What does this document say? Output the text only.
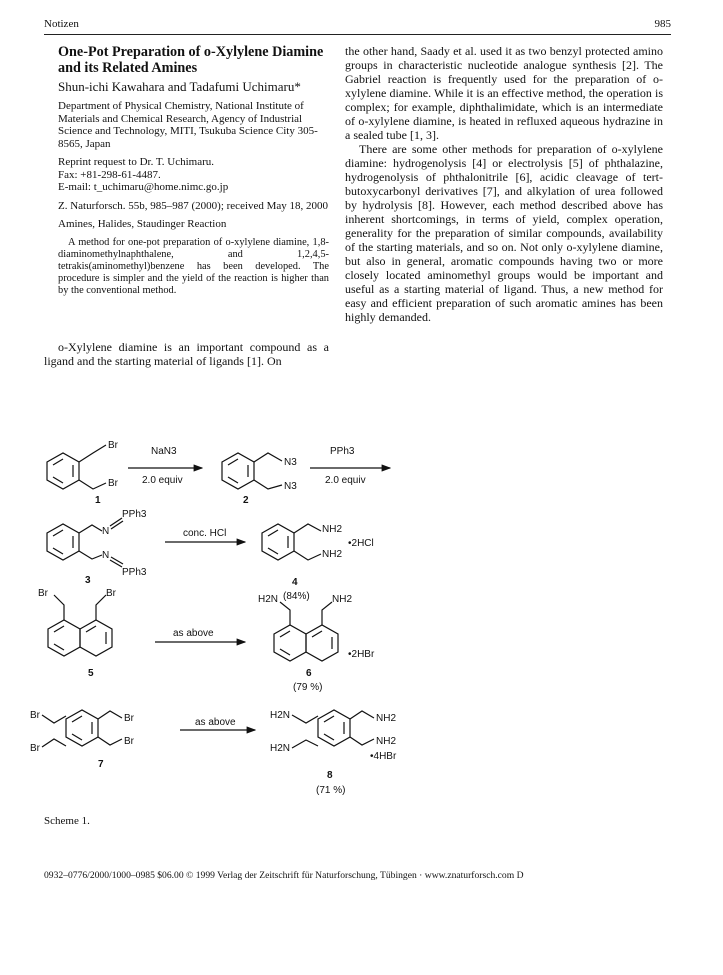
Notizen	985

One-Pot Preparation of o-Xylylene Diamine and its Related Amines

Shun-ichi Kawahara and Tadafumi Uchimaru*

Department of Physical Chemistry, National Institute of Materials and Chemical Research, Agency of Industrial Science and Technology, MITI, Tsukuba Science City 305-8565, Japan

Reprint request to Dr. T. Uchimaru.
Fax: +81-298-61-4487.
E-mail: t_uchimaru@home.nimc.go.jp

Z. Naturforsch. 55b, 985–987 (2000); received May 18, 2000

Amines, Halides, Staudinger Reaction

A method for one-pot preparation of o-xylylene diamine, 1,8-diaminomethylnaphthalene, and 1,2,4,5-tetrakis(aminomethyl)benzene has been developed. The procedure is simpler and the yield of the reaction is higher than by the conventional method.

o-Xylylene diamine is an important compound as a ligand and the starting material of ligands [1]. On

the other hand, Saady et al. used it as two benzyl protected amino groups in characteristic nucleotide analogue synthesis [2]. The Gabriel reaction is frequently used for the preparation of o-xylylene diamine. While it is an effective method, the operation is complex; for example, diphthalimidate, which is an intermediate of o-xylylene diamine, is heated in refluxed aqueous hydrazine in a sealed tube [1, 3].

There are some other methods for preparation of o-xylylene diamine: hydrogenolysis [4] or electrolysis [5] of phthalazine, hydrogenolysis of phthalonitrile [6], acidic cleavage of tert-butoxycarbonyl derivatives [7], and alkylation of urea followed by hydrolysis [8]. However, each method described above has inherent shortcomings, in terms of yield, complex operation, generality for the preparation of similar compounds, availability of the starting materials, and so on. Not only o-xylylene diamine, but also in general, aromatic compounds having two or more closely located aminomethyl groups would be important and useful as a starting material of ligand. Thus, a new method for easy and efficient preparation of such aromatic amines has been highly demanded.

Br
Br
NaN3
2.0 equiv
N3
N3
PPh3
2.0 equiv
1	2
N
PPh3
N
PPh3
conc. HCl	NH2
NH2
•2HCl
3	4
(84%)
Br	Br
as above
H2N	NH2
•2HBr
5	6
(79 %)
Br
Br
Br
Br
as above
H2N
H2N
NH2
NH2
•4HBr
7
8
(71 %)
Scheme 1.
0932–0776/2000/1000–0985 $06.00 © 1999 Verlag der Zeitschrift für Naturforschung, Tübingen · www.znaturforsch.com D
